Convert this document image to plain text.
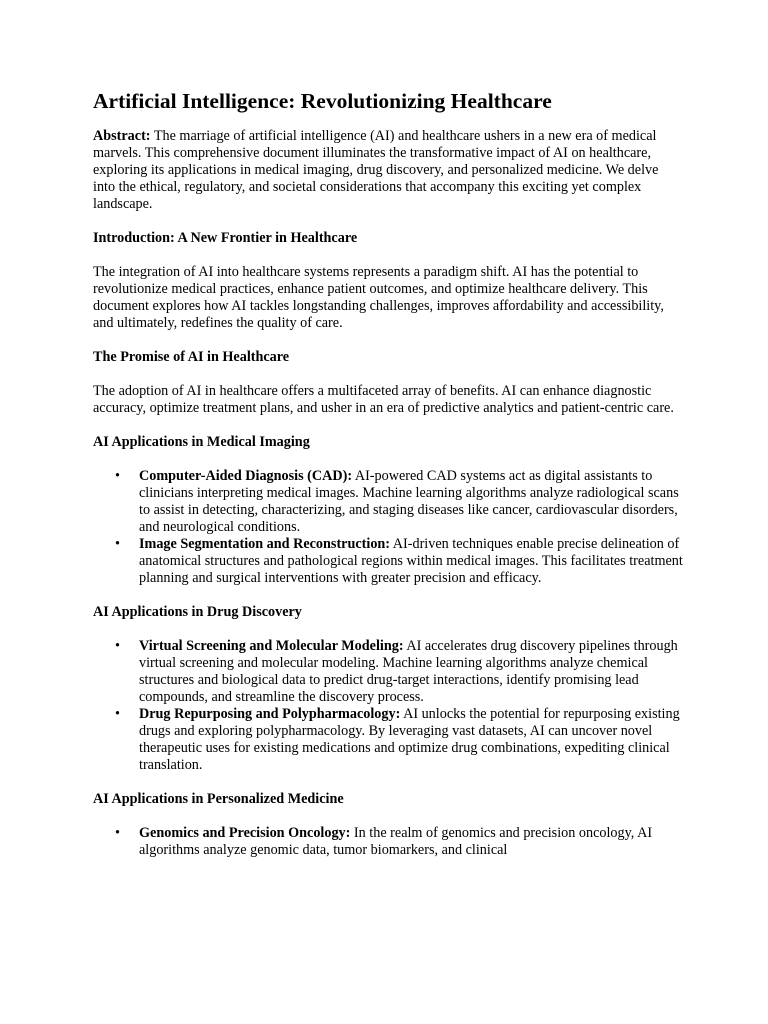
Artificial Intelligence: Revolutionizing Healthcare

Abstract: The marriage of artificial intelligence (AI) and healthcare ushers in a new era of medical marvels. This comprehensive document illuminates the transformative impact of AI on healthcare, exploring its applications in medical imaging, drug discovery, and personalized medicine. We delve into the ethical, regulatory, and societal considerations that accompany this exciting yet complex landscape.

Introduction: A New Frontier in Healthcare

The integration of AI into healthcare systems represents a paradigm shift. AI has the potential to revolutionize medical practices, enhance patient outcomes, and optimize healthcare delivery. This document explores how AI tackles longstanding challenges, improves affordability and accessibility, and ultimately, redefines the quality of care.

The Promise of AI in Healthcare

The adoption of AI in healthcare offers a multifaceted array of benefits. AI can enhance diagnostic accuracy, optimize treatment plans, and usher in an era of predictive analytics and patient-centric care.

AI Applications in Medical Imaging
• Computer-Aided Diagnosis (CAD): AI-powered CAD systems act as digital assistants to clinicians interpreting medical images. Machine learning algorithms analyze radiological scans to assist in detecting, characterizing, and staging diseases like cancer, cardiovascular disorders, and neurological conditions.
• Image Segmentation and Reconstruction: AI-driven techniques enable precise delineation of anatomical structures and pathological regions within medical images. This facilitates treatment planning and surgical interventions with greater precision and efficacy.
AI Applications in Drug Discovery
• Virtual Screening and Molecular Modeling: AI accelerates drug discovery pipelines through virtual screening and molecular modeling. Machine learning algorithms analyze chemical structures and biological data to predict drug-target interactions, identify promising lead compounds, and streamline the discovery process.
• Drug Repurposing and Polypharmacology: AI unlocks the potential for repurposing existing drugs and exploring polypharmacology. By leveraging vast datasets, AI can uncover novel therapeutic uses for existing medications and optimize drug combinations, expediting clinical translation.
AI Applications in Personalized Medicine
• Genomics and Precision Oncology: In the realm of genomics and precision oncology, AI algorithms analyze genomic data, tumor biomarkers, and clinical
